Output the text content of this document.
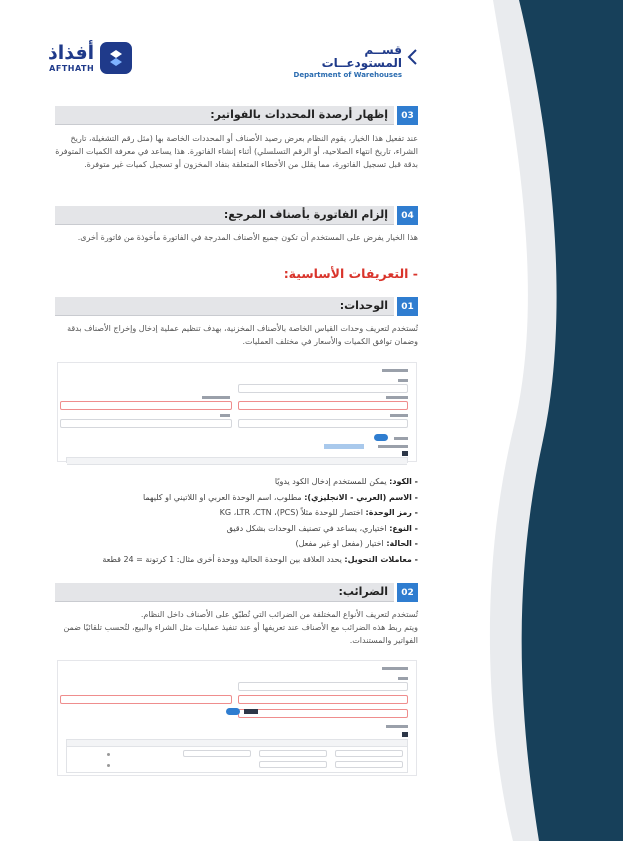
أفذاذ
AFTHATH
قســم المستودعــات
Department of Warehouses
03
إظهار أرصدة المحددات بالفواتير:

عند تفعيل هذا الخيار، يقوم النظام بعرض رصيد الأصناف أو المحددات الخاصة بها (مثل رقم التشغيلة، تاريخ الشراء، تاريخ انتهاء الصلاحية، أو الرقم التسلسلي) أثناء إنشاء الفاتورة. هذا يساعد في معرفة الكميات المتوفرة بدقة قبل تسجيل الفاتورة، مما يقلل من الأخطاء المتعلقة بنفاد المخزون أو تسجيل كميات غير متوفرة.

04
إلزام الفاتورة بأصناف المرجع:

هذا الخيار يفرض على المستخدم أن تكون جميع الأصناف المدرجة في الفاتورة مأخوذة من فاتورة أخرى.

- التعريفات الأساسية:
01
الوحدات:

تُستخدم لتعريف وحدات القياس الخاصة بالأصناف المخزنية، بهدف تنظيم عملية إدخال وإخراج الأصناف بدقة وضمان توافق الكميات والأسعار في مختلف العمليات.

- الكود: يمكن للمستخدم إدخال الكود يدويًا
- الاسم (العربي - الانجليزي): مطلوب، اسم الوحدة العربي او اللاتيني او كليهما
- رمز الوحدة: اختصار للوحدة مثلاً KG ،LTR ،CTN ،(PCS)
- النوع: اختياري، يساعد في تصنيف الوحدات بشكل دقيق
- الحالة: اختيار (مفعل او غير مفعل)
- معاملات التحويل: يحدد العلاقة بين الوحدة الحالية ووحدة أخرى مثال: 1 كرتونة = 24 قطعة
02
الضرائب:

تُستخدم لتعريف الأنواع المختلفة من الضرائب التي تُطبّق على الأصناف داخل النظام.

ويتم ربط هذه الضرائب مع الأصناف عند تعريفها أو عند تنفيذ عمليات مثل الشراء والبيع، لتُحسب تلقائيًا ضمن الفواتير والمستندات.
